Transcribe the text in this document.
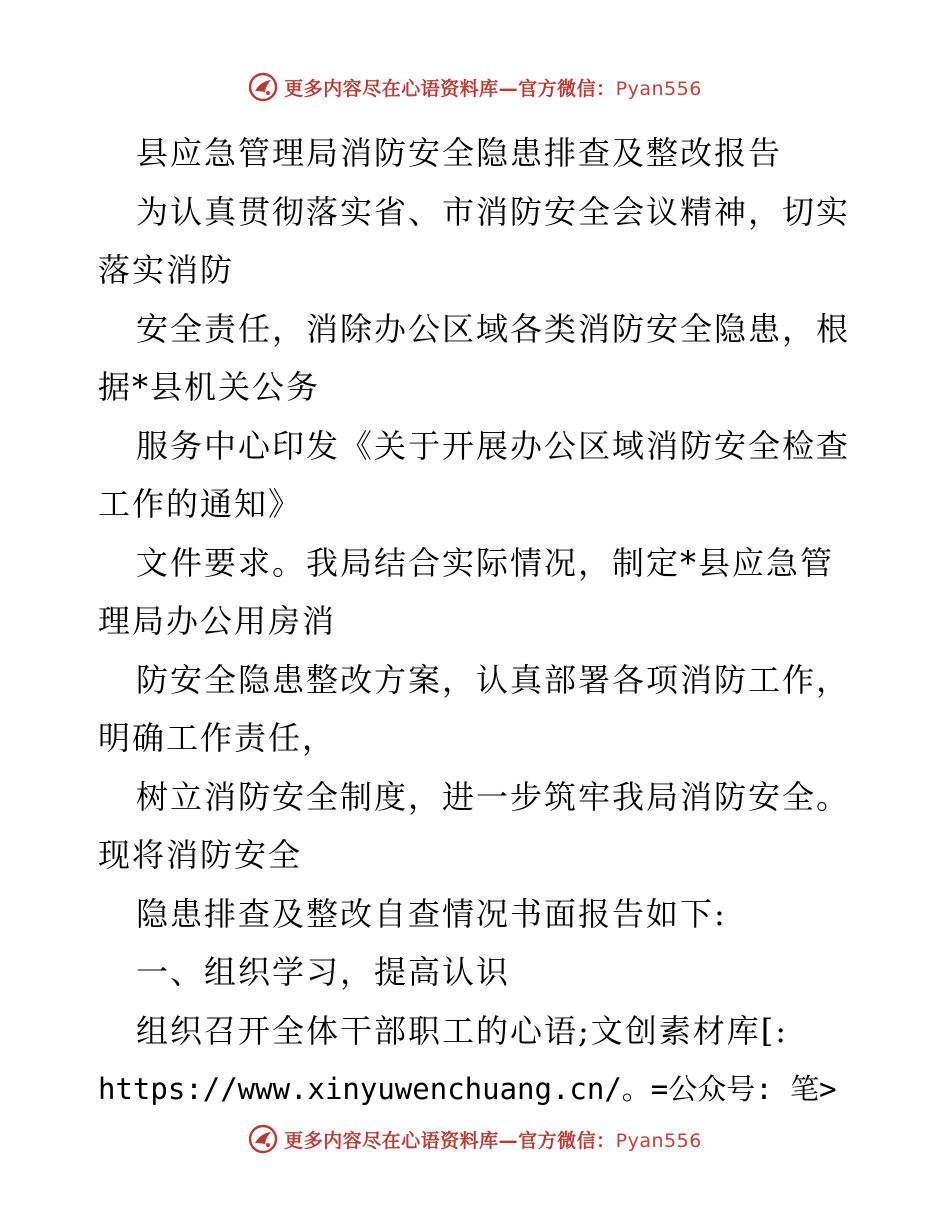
更多内容尽在心语资料库—官方微信：Pyan556
县应急管理局消防安全隐患排查及整改报告
为认真贯彻落实省、市消防安全会议精神，切实
落实消防
安全责任，消除办公区域各类消防安全隐患，根
据*县机关公务
服务中心印发《关于开展办公区域消防安全检查
工作的通知》
文件要求。我局结合实际情况，制定*县应急管
理局办公用房消
防安全隐患整改方案，认真部署各项消防工作，
明确工作责任，
树立消防安全制度，进一步筑牢我局消防安全。
现将消防安全
隐患排查及整改自查情况书面报告如下:
一、组织学习，提高认识
组织召开全体干部职工的心语;文创素材库[:
https://www.xinyuwenchuang.cn/。=公众号: 笔>
更多内容尽在心语资料库—官方微信：Pyan556
